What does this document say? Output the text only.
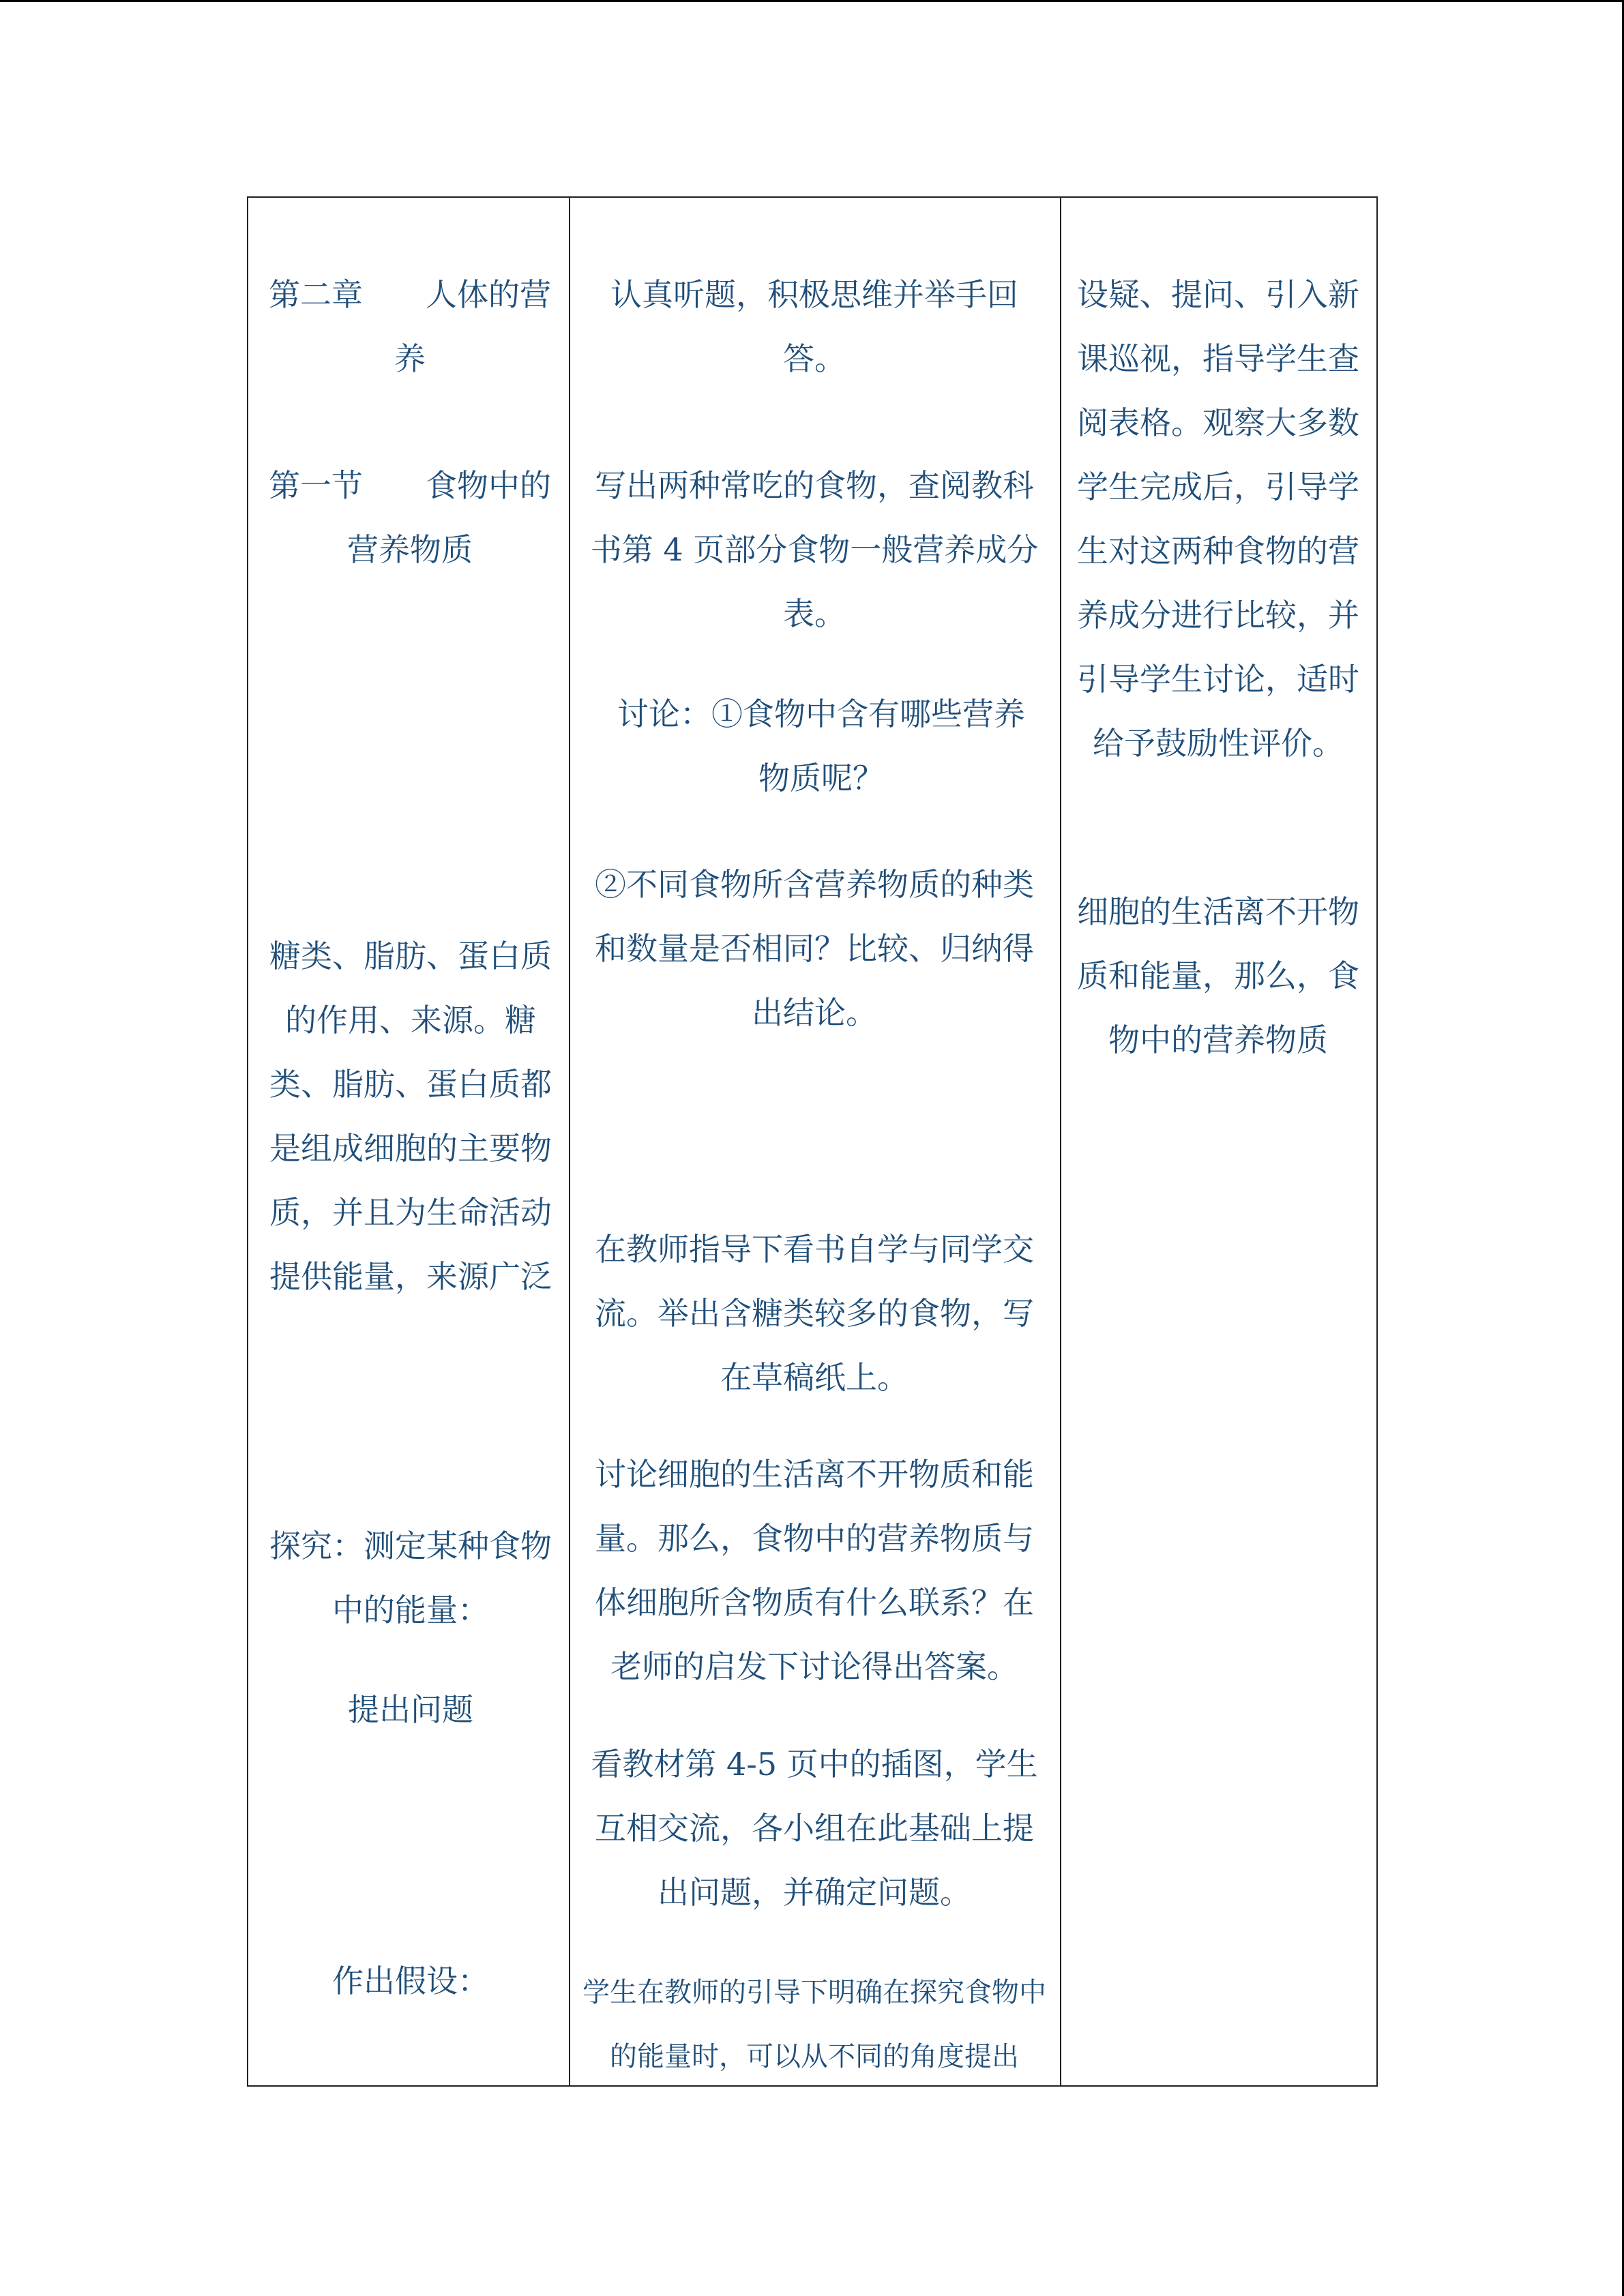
第二章　　人体的营养
第一节　　食物中的营养物质
糖类、脂肪、蛋白质的作用、来源。糖类、脂肪、蛋白质都是组成细胞的主要物质，并且为生命活动提供能量，来源广泛
探究：测定某种食物中的能量：
提出问题
作出假设：
认真听题，积极思维并举手回答。
写出两种常吃的食物，查阅教科书第 4 页部分食物一般营养成分表。
讨论：①食物中含有哪些营养物质呢？
②不同食物所含营养物质的种类和数量是否相同？比较、归纳得出结论。
在教师指导下看书自学与同学交流。举出含糖类较多的食物，写在草稿纸上。
讨论细胞的生活离不开物质和能量。那么，食物中的营养物质与体细胞所含物质有什么联系？在老师的启发下讨论得出答案。
看教材第 4-5 页中的插图，学生互相交流，各小组在此基础上提出问题，并确定问题。
学生在教师的引导下明确在探究食物中的能量时，可以从不同的角度提出
设疑、提问、引入新课巡视，指导学生查阅表格。观察大多数学生完成后，引导学生对这两种食物的营养成分进行比较，并引导学生讨论，适时给予鼓励性评价。
细胞的生活离不开物质和能量，那么，食物中的营养物质
